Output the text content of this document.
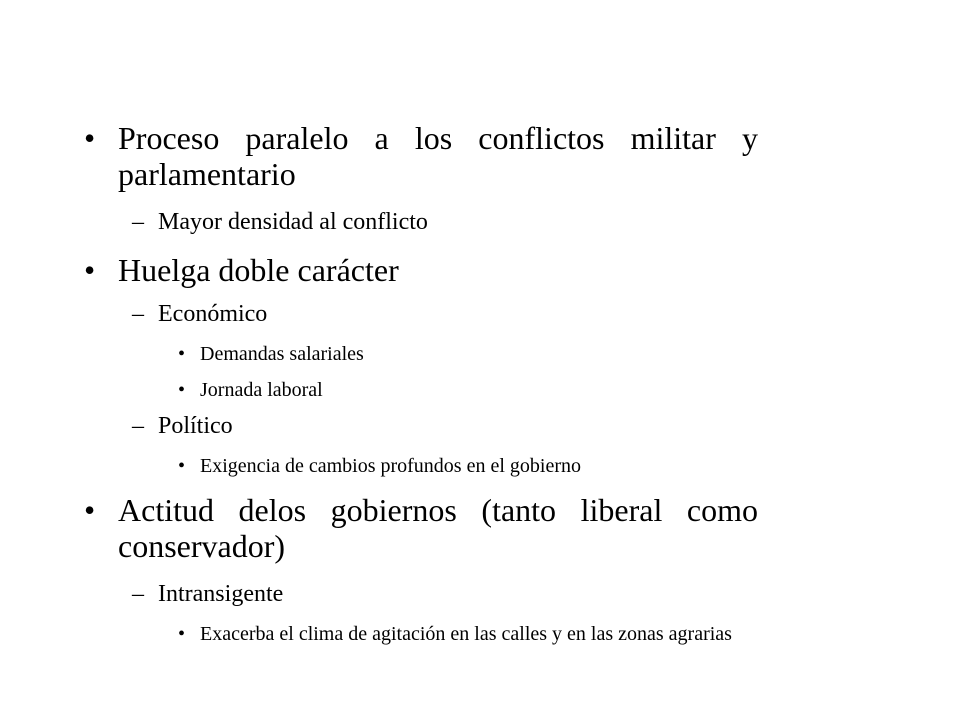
• Proceso paralelo a los conflictos militar y parlamentario
– Mayor densidad al conflicto
• Huelga doble carácter
– Económico
• Demandas salariales
• Jornada laboral
– Político
• Exigencia de cambios profundos en el gobierno
• Actitud delos gobiernos (tanto liberal como conservador)
– Intransigente
• Exacerba el clima de agitación en las calles y en las zonas agrarias
